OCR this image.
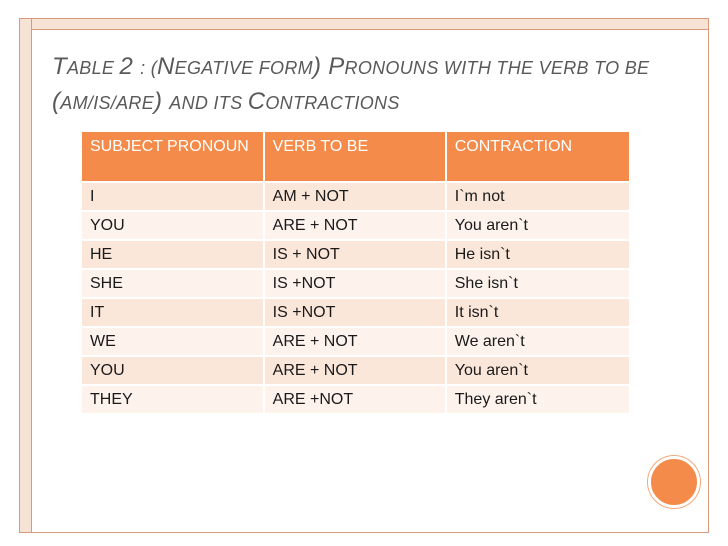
TABLE 2 : (NEGATIVE FORM) PRONOUNS WITH THE VERB TO BE (AM/IS/ARE) AND ITS CONTRACTIONS
SUBJECT PRONOUN	VERB TO BE	CONTRACTION
I	AM + NOT	I`m not
YOU	ARE + NOT	You aren`t
HE	IS + NOT	He isn`t
SHE	IS +NOT	She isn`t
IT	IS +NOT	It isn`t
WE	ARE + NOT	We aren`t
YOU	ARE + NOT	You aren`t
THEY	ARE +NOT	They aren`t
